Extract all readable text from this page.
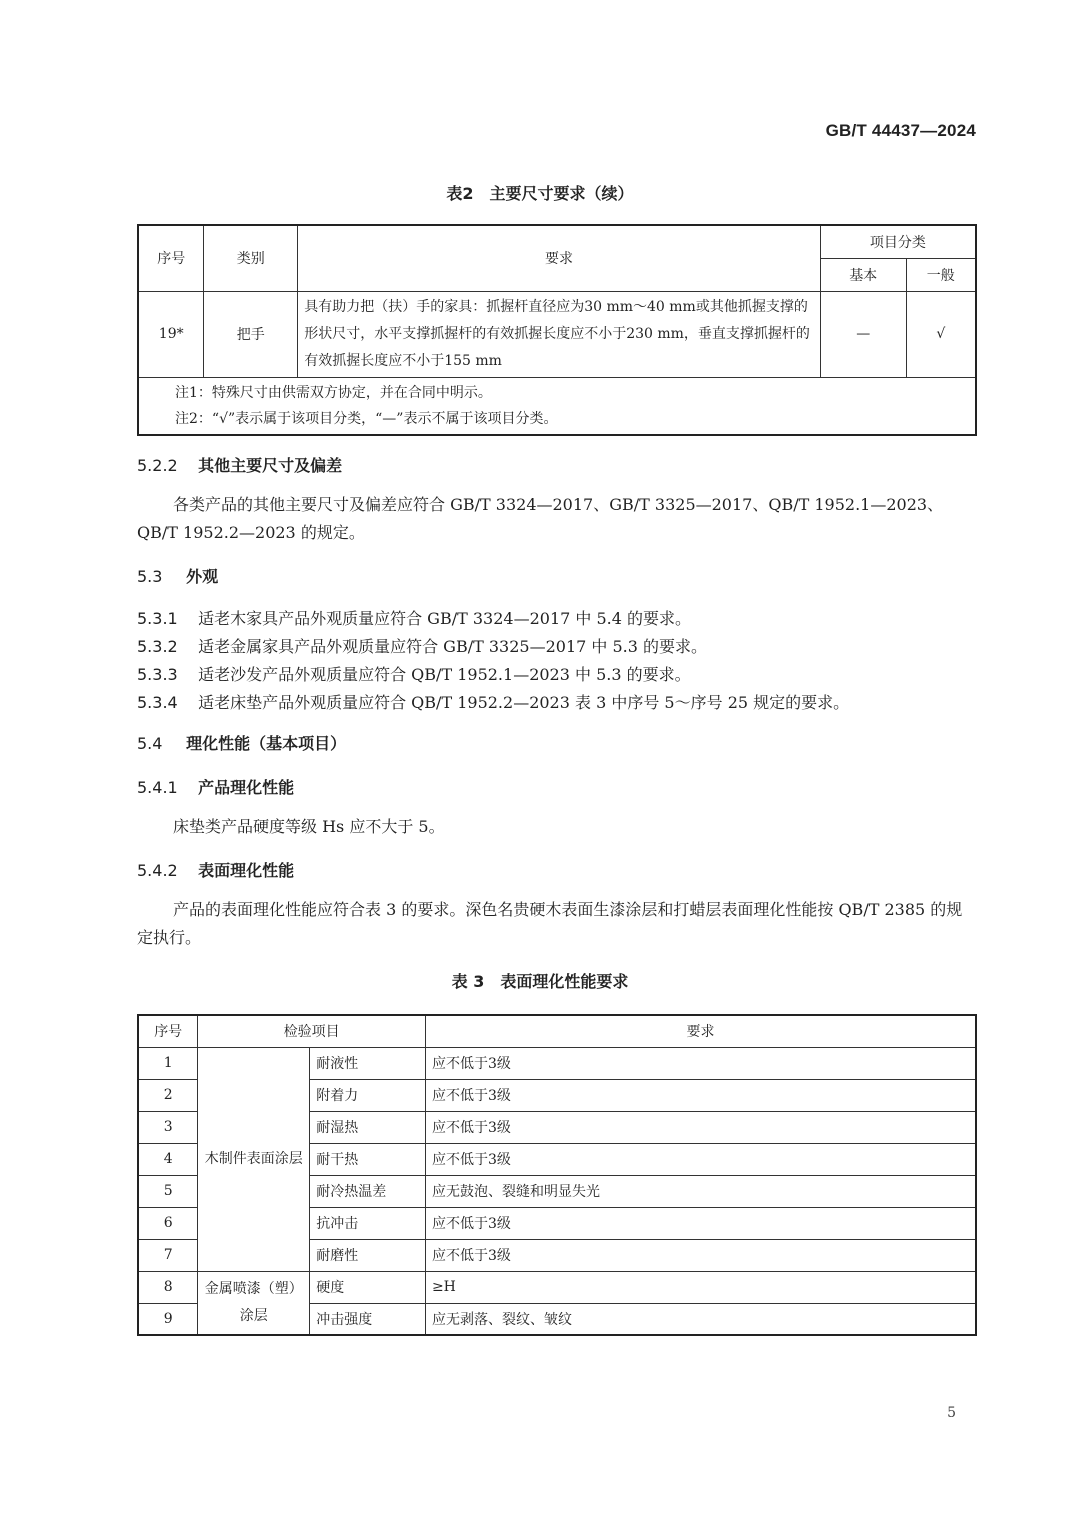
GB/T 44437—2024
表2　主要尺寸要求（续）
序号	类别	要求	项目分类	
			基本	一般
19*	把手	具有助力把（扶）手的家具：抓握杆直径应为30 mm～40 mm或其他抓握支撑的形状尺寸，水平支撑抓握杆的有效抓握长度应不小于230 mm，垂直支撑抓握杆的有效抓握长度应不小于155 mm	—	√

注1：特殊尺寸由供需双方协定，并在合同中明示。
注2：“√”表示属于该项目分类，“—”表示不属于该项目分类。				
5.2.2 其他主要尺寸及偏差
各类产品的其他主要尺寸及偏差应符合 GB/T 3324—2017、GB/T 3325—2017、QB/T 1952.1—2023、QB/T 1952.2—2023 的规定。
5.3 外观
5.3.1 适老木家具产品外观质量应符合 GB/T 3324—2017 中 5.4 的要求。
5.3.2 适老金属家具产品外观质量应符合 GB/T 3325—2017 中 5.3 的要求。
5.3.3 适老沙发产品外观质量应符合 QB/T 1952.1—2023 中 5.3 的要求。
5.3.4 适老床垫产品外观质量应符合 QB/T 1952.2—2023 表 3 中序号 5～序号 25 规定的要求。
5.4 理化性能（基本项目）
5.4.1 产品理化性能
床垫类产品硬度等级 Hs 应不大于 5。
5.4.2 表面理化性能
产品的表面理化性能应符合表 3 的要求。深色名贵硬木表面生漆涂层和打蜡层表面理化性能按 QB/T 2385 的规定执行。
表 3　表面理化性能要求
序号	检验项目		要求
1	木制件表面涂层	耐液性	应不低于3级
2		附着力	应不低于3级
3		耐湿热	应不低于3级
4		耐干热	应不低于3级
5		耐冷热温差	应无鼓泡、裂缝和明显失光
6		抗冲击	应不低于3级
7		耐磨性	应不低于3级
8	金属喷漆（塑）涂层	硬度	≥H
9		冲击强度	应无剥落、裂纹、皱纹
5
